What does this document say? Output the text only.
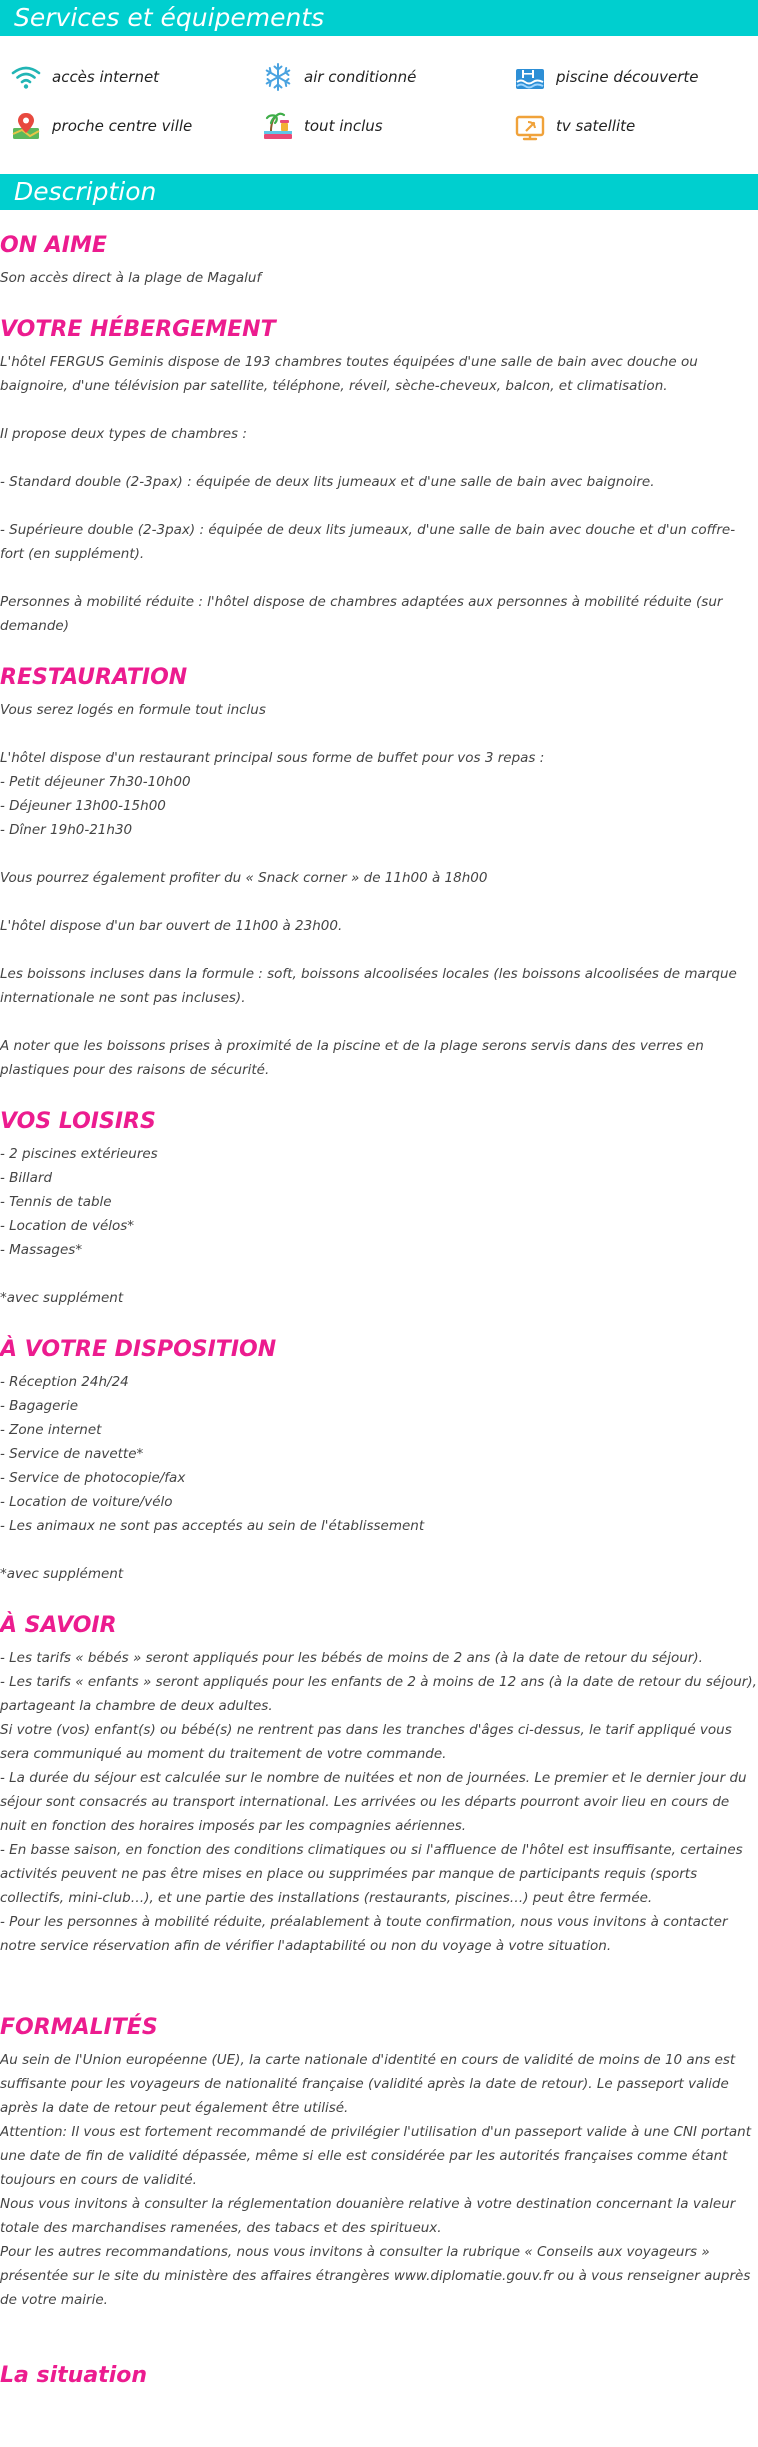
Services et équipements
accès internet	air conditionné	piscine découverte
proche centre ville	tout inclus	tv satellite
Description
ON AIME

Son accès direct à la plage de Magaluf

VOTRE HÉBERGEMENT

L'hôtel FERGUS Geminis dispose de 193 chambres toutes équipées d'une salle de bain avec douche ou baignoire, d'une télévision par satellite, téléphone, réveil, sèche-cheveux, balcon, et climatisation.

Il propose deux types de chambres :

- Standard double (2-3pax) : équipée de deux lits jumeaux et d'une salle de bain avec baignoire.

- Supérieure double (2-3pax) : équipée de deux lits jumeaux, d'une salle de bain avec douche et d'un coffre-fort (en supplément).

Personnes à mobilité réduite : l'hôtel dispose de chambres adaptées aux personnes à mobilité réduite (sur demande)

RESTAURATION

Vous serez logés en formule tout inclus

L'hôtel dispose d'un restaurant principal sous forme de buffet pour vos 3 repas :

- Petit déjeuner 7h30-10h00

- Déjeuner 13h00-15h00

- Dîner 19h0-21h30

Vous pourrez également profiter du « Snack corner » de 11h00 à 18h00

L'hôtel dispose d'un bar ouvert de 11h00 à 23h00.

Les boissons incluses dans la formule : soft, boissons alcoolisées locales (les boissons alcoolisées de marque internationale ne sont pas incluses).

A noter que les boissons prises à proximité de la piscine et de la plage serons servis dans des verres en plastiques pour des raisons de sécurité.

VOS LOISIRS

- 2 piscines extérieures

- Billard

- Tennis de table

- Location de vélos*

- Massages*

*avec supplément

À VOTRE DISPOSITION

- Réception 24h/24

- Bagagerie

- Zone internet

- Service de navette*

- Service de photocopie/fax

- Location de voiture/vélo

- Les animaux ne sont pas acceptés au sein de l'établissement

*avec supplément

À SAVOIR

- Les tarifs « bébés » seront appliqués pour les bébés de moins de 2 ans (à la date de retour du séjour).
- Les tarifs « enfants » seront appliqués pour les enfants de 2 à moins de 12 ans (à la date de retour du séjour), partageant la chambre de deux adultes.
Si votre (vos) enfant(s) ou bébé(s) ne rentrent pas dans les tranches d'âges ci-dessus, le tarif appliqué vous sera communiqué au moment du traitement de votre commande.
- La durée du séjour est calculée sur le nombre de nuitées et non de journées. Le premier et le dernier jour du séjour sont consacrés au transport international. Les arrivées ou les départs pourront avoir lieu en cours de nuit en fonction des horaires imposés par les compagnies aériennes.
- En basse saison, en fonction des conditions climatiques ou si l'affluence de l'hôtel est insuffisante, certaines activités peuvent ne pas être mises en place ou supprimées par manque de participants requis (sports collectifs, mini-club…), et une partie des installations (restaurants, piscines…) peut être fermée.
- Pour les personnes à mobilité réduite, préalablement à toute confirmation, nous vous invitons à contacter notre service réservation afin de vérifier l'adaptabilité ou non du voyage à votre situation.

FORMALITÉS

Au sein de l'Union européenne (UE), la carte nationale d'identité en cours de validité de moins de 10 ans est suffisante pour les voyageurs de nationalité française (validité après la date de retour). Le passeport valide après la date de retour peut également être utilisé.
Attention: Il vous est fortement recommandé de privilégier l'utilisation d'un passeport valide à une CNI portant une date de fin de validité dépassée, même si elle est considérée par les autorités françaises comme étant toujours en cours de validité.
Nous vous invitons à consulter la réglementation douanière relative à votre destination concernant la valeur totale des marchandises ramenées, des tabacs et des spiritueux.
Pour les autres recommandations, nous vous invitons à consulter la rubrique « Conseils aux voyageurs » présentée sur le site du ministère des affaires étrangères www.diplomatie.gouv.fr ou à vous renseigner auprès de votre mairie.

La situation
